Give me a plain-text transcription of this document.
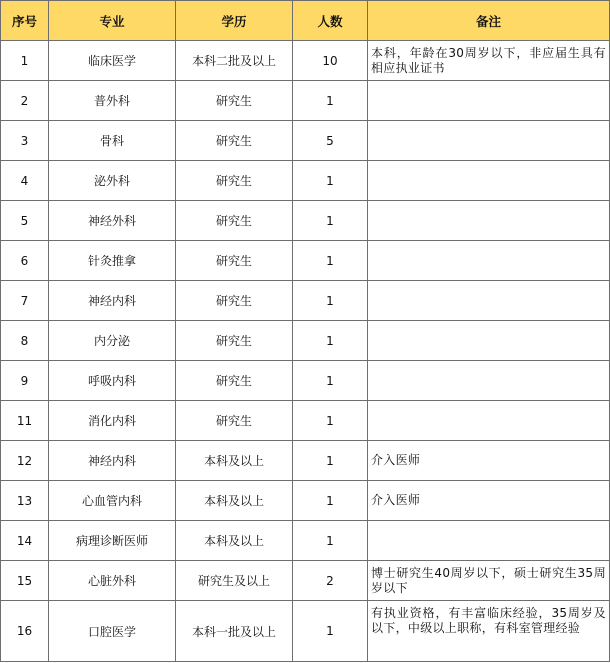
序号	专业	学历	人数	备注
1	临床医学	本科二批及以上	10	本科，年龄在30周岁以下，非应届生具有相应执业证书
2	普外科	研究生	1	
3	骨科	研究生	5	
4	泌外科	研究生	1	
5	神经外科	研究生	1	
6	针灸推拿	研究生	1	
7	神经内科	研究生	1	
8	内分泌	研究生	1	
9	呼吸内科	研究生	1	
11	消化内科	研究生	1	
12	神经内科	本科及以上	1	介入医师
13	心血管内科	本科及以上	1	介入医师
14	病理诊断医师	本科及以上	1	
15	心脏外科	研究生及以上	2	博士研究生40周岁以下，硕士研究生35周岁以下
16	口腔医学	本科一批及以上	1	有执业资格，有丰富临床经验，35周岁及以下，中级以上职称，有科室管理经验
